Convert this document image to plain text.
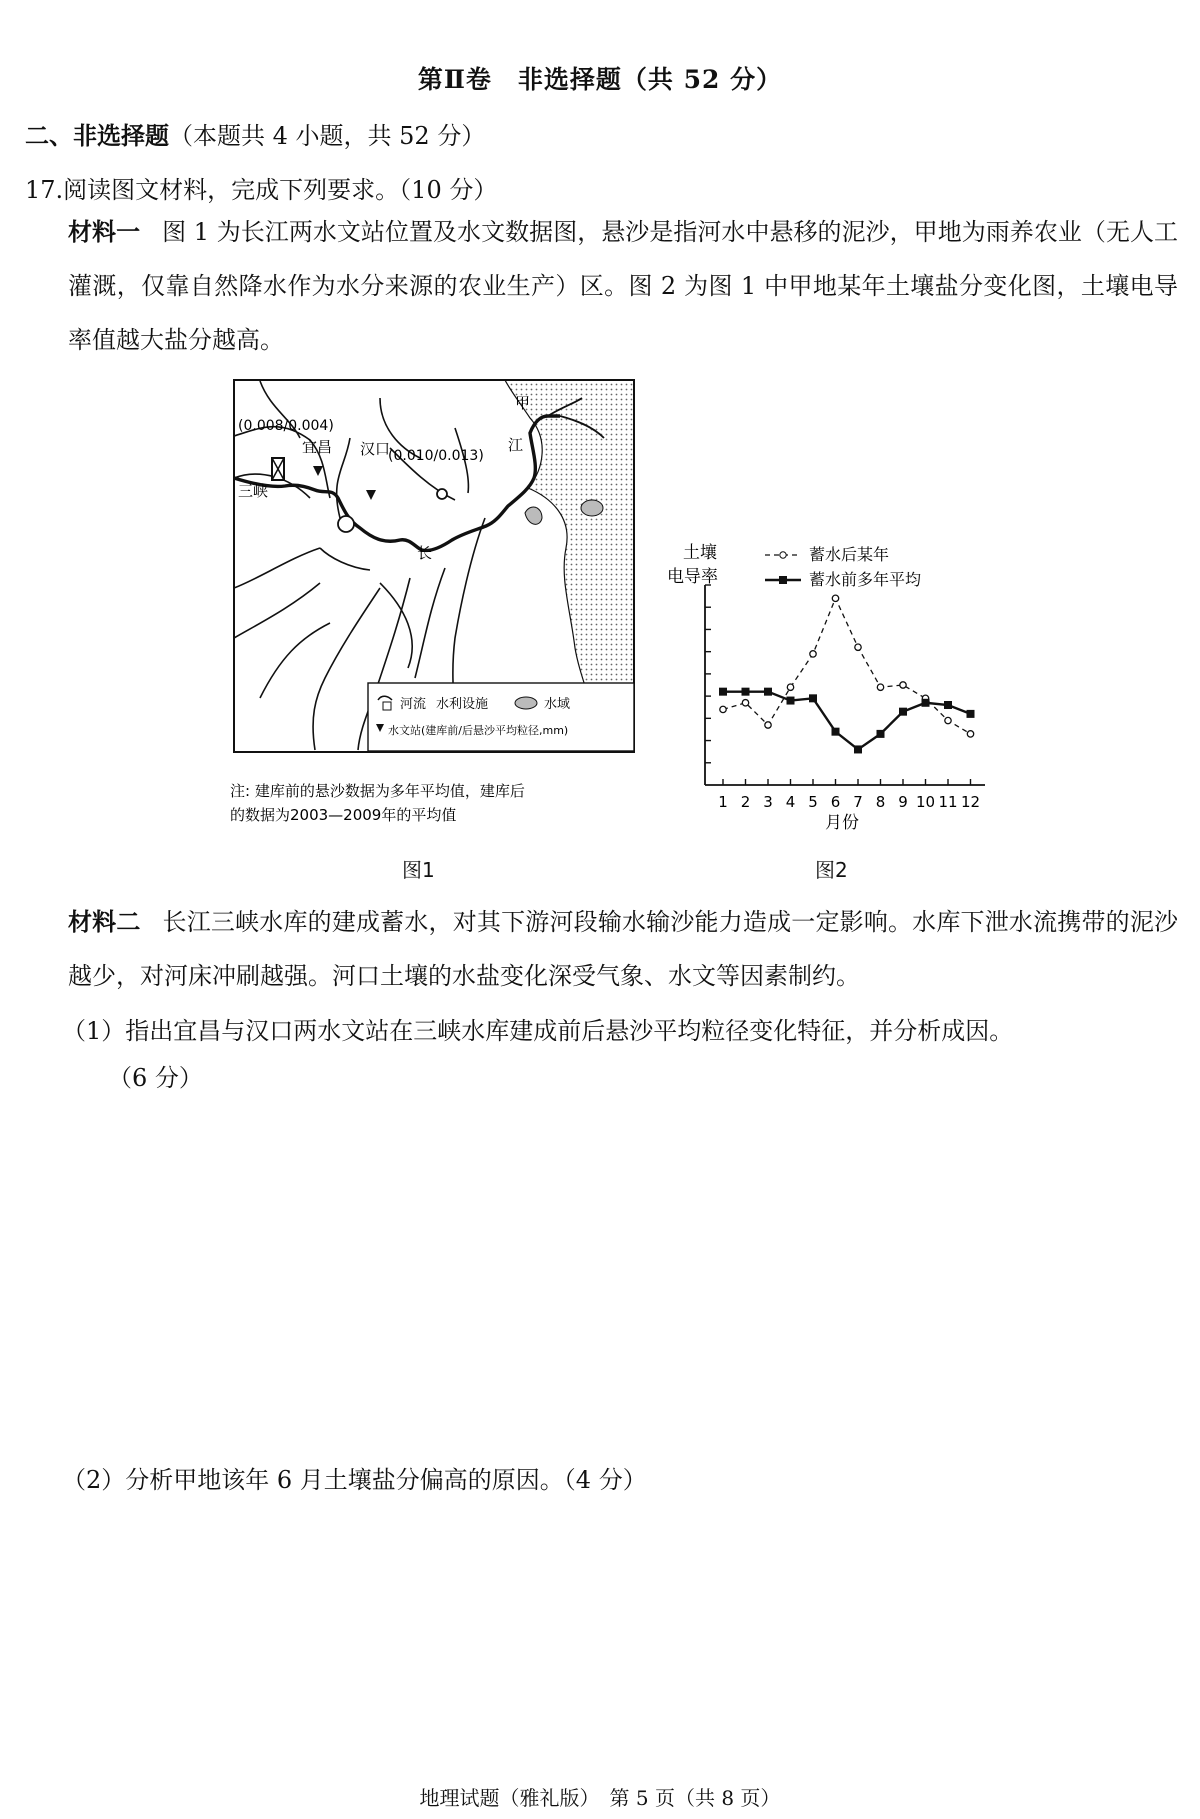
第Ⅱ卷　非选择题（共 52 分）
二、非选择题（本题共 4 小题，共 52 分）
17.阅读图文材料，完成下列要求。（10 分）
材料一 图 1 为长江两水文站位置及水文数据图，悬沙是指河水中悬移的泥沙，甲地为雨养农业（无人工灌溉，仅靠自然降水作为水分来源的农业生产）区。图 2 为图 1 中甲地某年土壤盐分变化图，土壤电导率值越大盐分越高。
甲
江
长
宜昌 汉口
三峡
(0.008/0.004)
(0.010/0.013)
河流 水利设施	水域
水文站(建库前/后悬沙平均粒径,mm)
注: 建库前的悬沙数据为多年平均值，建库后
的数据为2003—2009年的平均值
图1
土壤
电导率
1 2 3 4 5 6 7 8 9 10 11 12
蓄水后某年
蓄水前多年平均
月份
图2
材料二 长江三峡水库的建成蓄水，对其下游河段输水输沙能力造成一定影响。水库下泄水流携带的泥沙越少，对河床冲刷越强。河口土壤的水盐变化深受气象、水文等因素制约。
（1）指出宜昌与汉口两水文站在三峡水库建成前后悬沙平均粒径变化特征，并分析成因。
（6 分）
（2）分析甲地该年 6 月土壤盐分偏高的原因。（4 分）
地理试题（雅礼版）　第 5 页（共 8 页）
